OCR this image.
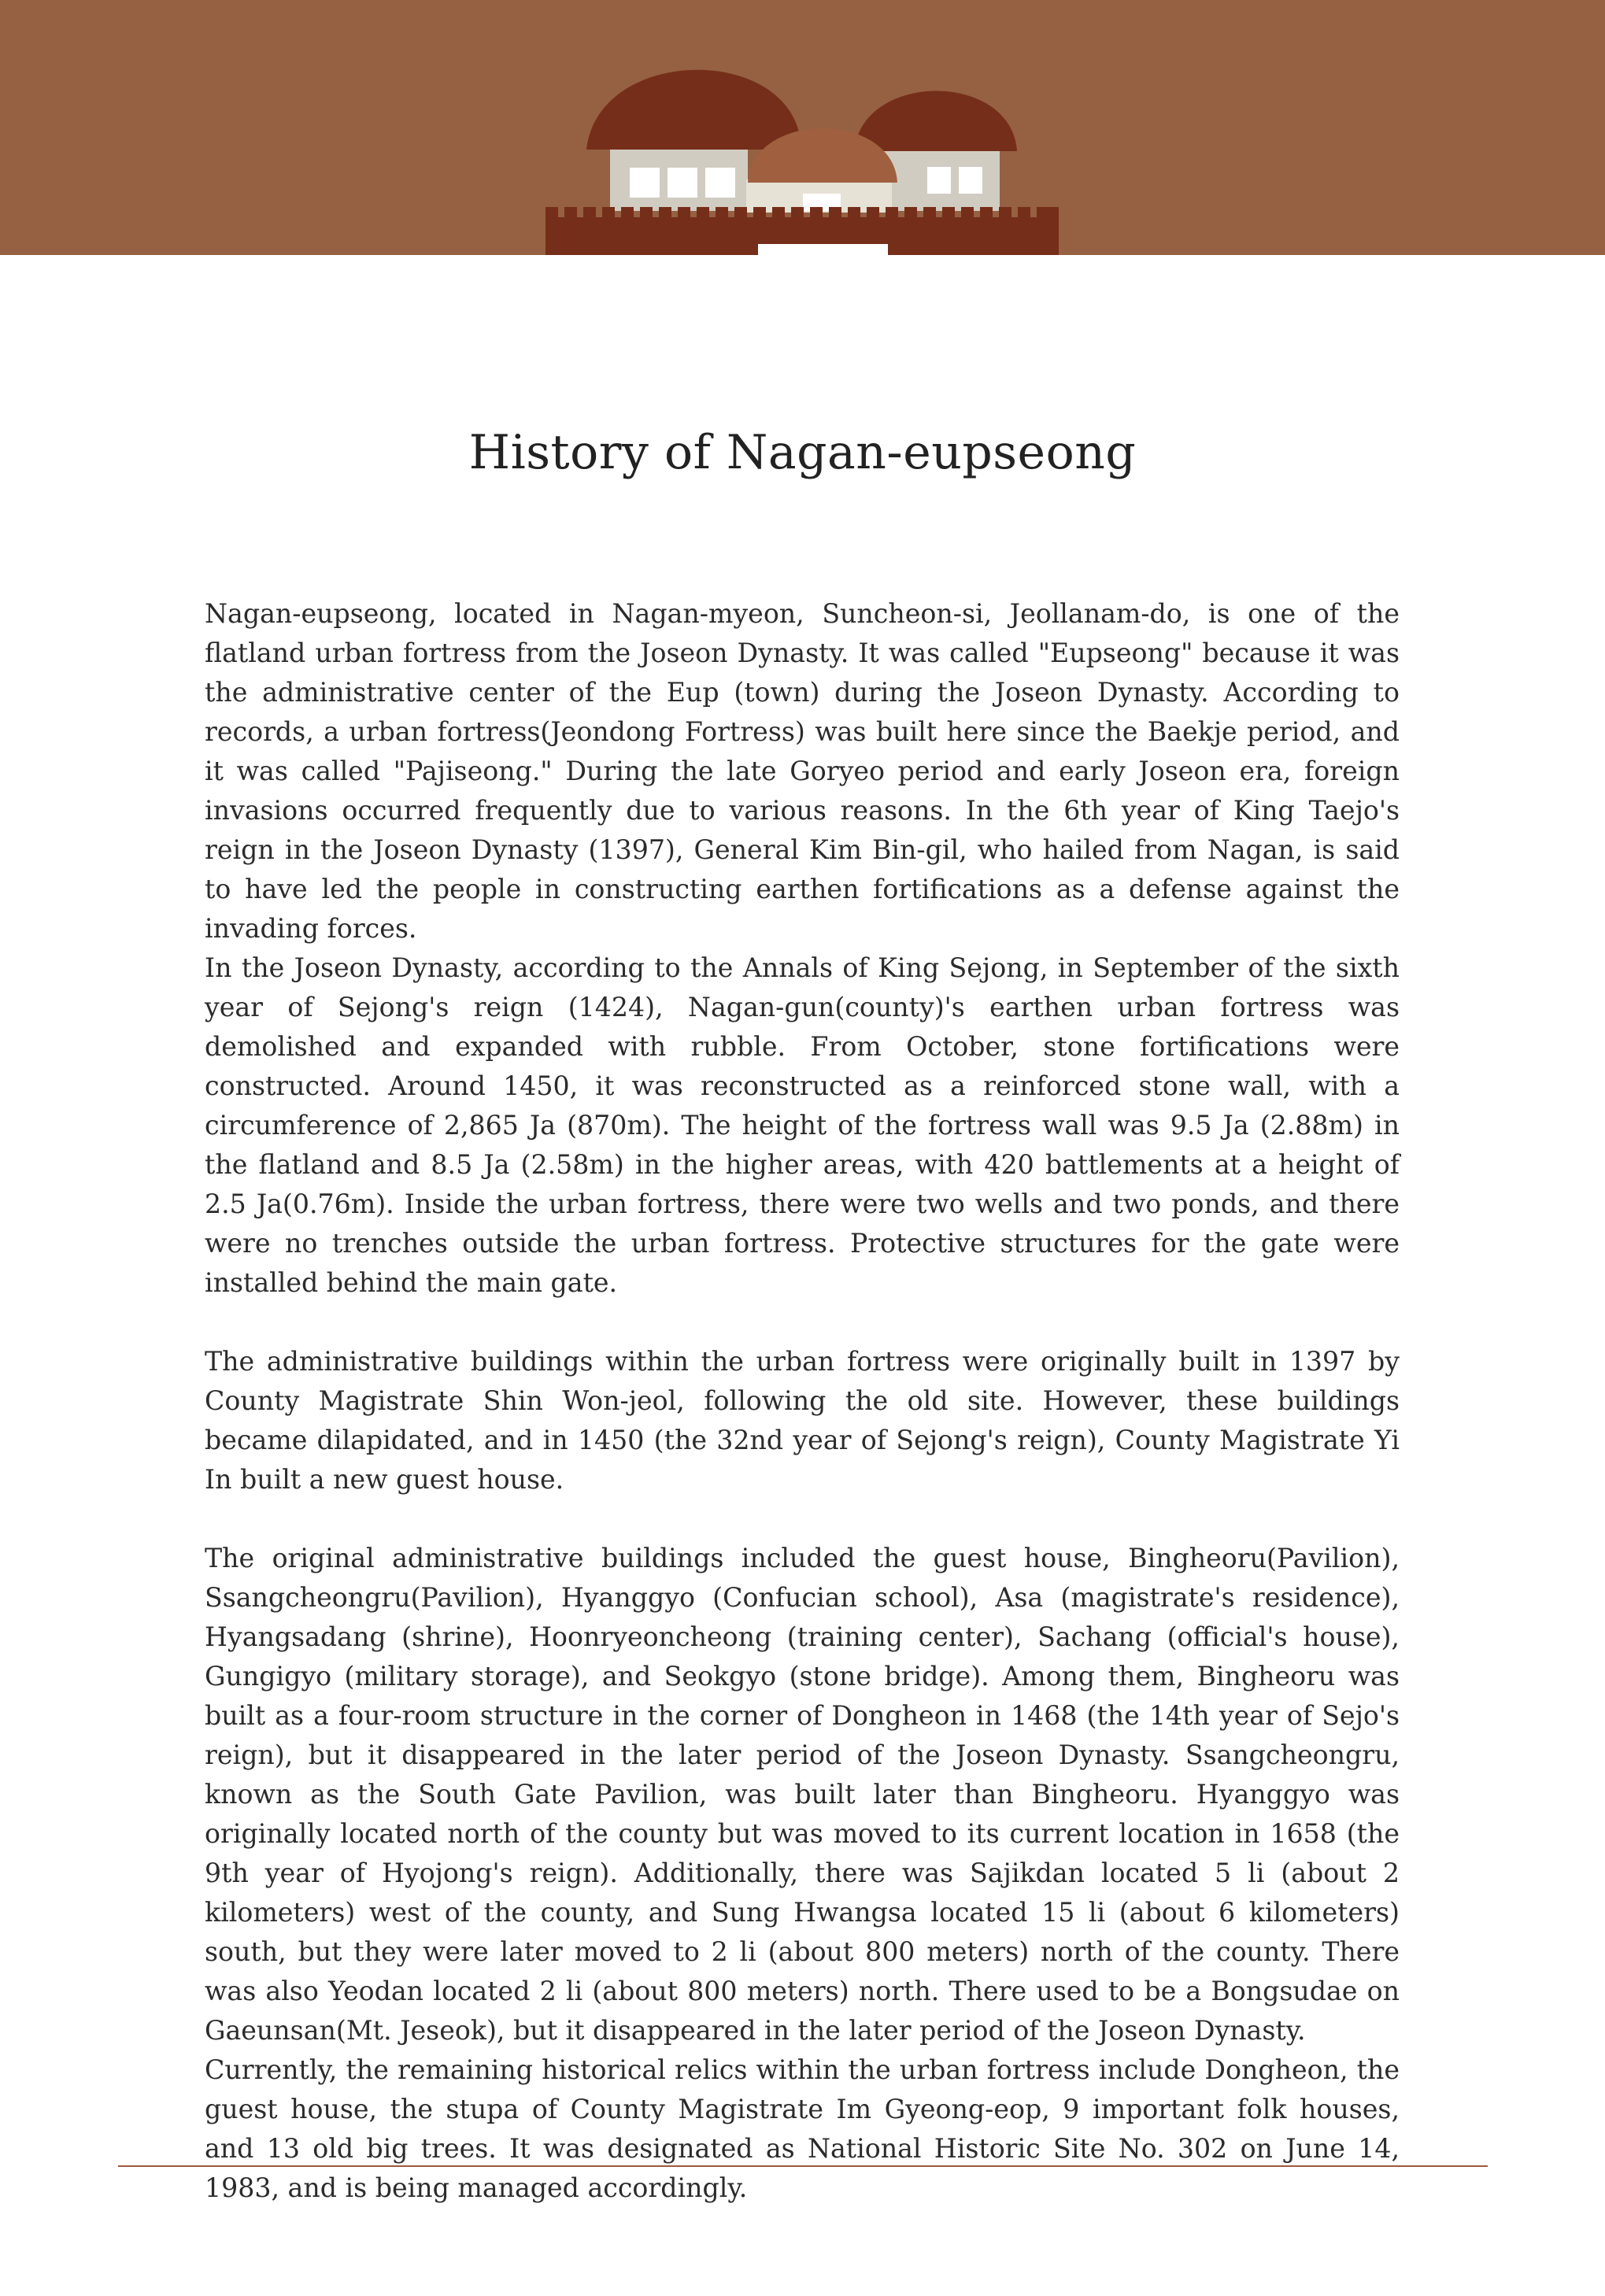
History of Nagan-eupseong

Nagan-eupseong, located in Nagan-myeon, Suncheon-si, Jeollanam-do, is one of the flatland urban fortress from the Joseon Dynasty. It was called "Eupseong" because it was the administrative center of the Eup (town) during the Joseon Dynasty. According to records, a urban fortress(Jeondong Fortress) was built here since the Baekje period, and it was called "Pajiseong." During the late Goryeo period and early Joseon era, foreign invasions occurred frequently due to various reasons. In the 6th year of King Taejo's reign in the Joseon Dynasty (1397), General Kim Bin-gil, who hailed from Nagan, is said to have led the people in constructing earthen fortifications as a defense against the invading forces.

In the Joseon Dynasty, according to the Annals of King Sejong, in September of the sixth year of Sejong's reign (1424), Nagan-gun(county)'s earthen urban fortress was demolished and expanded with rubble. From October, stone fortifications were constructed. Around 1450, it was reconstructed as a reinforced stone wall, with a circumference of 2,865 Ja (870m). The height of the fortress wall was 9.5 Ja (2.88m) in the flatland and 8.5 Ja (2.58m) in the higher areas, with 420 battlements at a height of 2.5 Ja(0.76m). Inside the urban fortress, there were two wells and two ponds, and there were no trenches outside the urban fortress. Protective structures for the gate were installed behind the main gate.

The administrative buildings within the urban fortress were originally built in 1397 by County Magistrate Shin Won-jeol, following the old site. However, these buildings became dilapidated, and in 1450 (the 32nd year of Sejong's reign), County Magistrate Yi In built a new guest house.

The original administrative buildings included the guest house, Bingheoru(Pavilion), Ssangcheongru(Pavilion), Hyanggyo (Confucian school), Asa (magistrate's residence), Hyangsadang (shrine), Hoonryeoncheong (training center), Sachang (official's house), Gungigyo (military storage), and Seokgyo (stone bridge). Among them, Bingheoru was built as a four-room structure in the corner of Dongheon in 1468 (the 14th year of Sejo's reign), but it disappeared in the later period of the Joseon Dynasty. Ssangcheongru, known as the South Gate Pavilion, was built later than Bingheoru. Hyanggyo was originally located north of the county but was moved to its current location in 1658 (the 9th year of Hyojong's reign). Additionally, there was Sajikdan located 5 li (about 2 kilometers) west of the county, and Sung Hwangsa located 15 li (about 6 kilometers) south, but they were later moved to 2 li (about 800 meters) north of the county. There was also Yeodan located 2 li (about 800 meters) north. There used to be a Bongsudae on Gaeunsan(Mt. Jeseok), but it disappeared in the later period of the Joseon Dynasty.

Currently, the remaining historical relics within the urban fortress include Dongheon, the guest house, the stupa of County Magistrate Im Gyeong-eop, 9 important folk houses, and 13 old big trees. It was designated as National Historic Site No. 302 on June 14, 1983, and is being managed accordingly.
